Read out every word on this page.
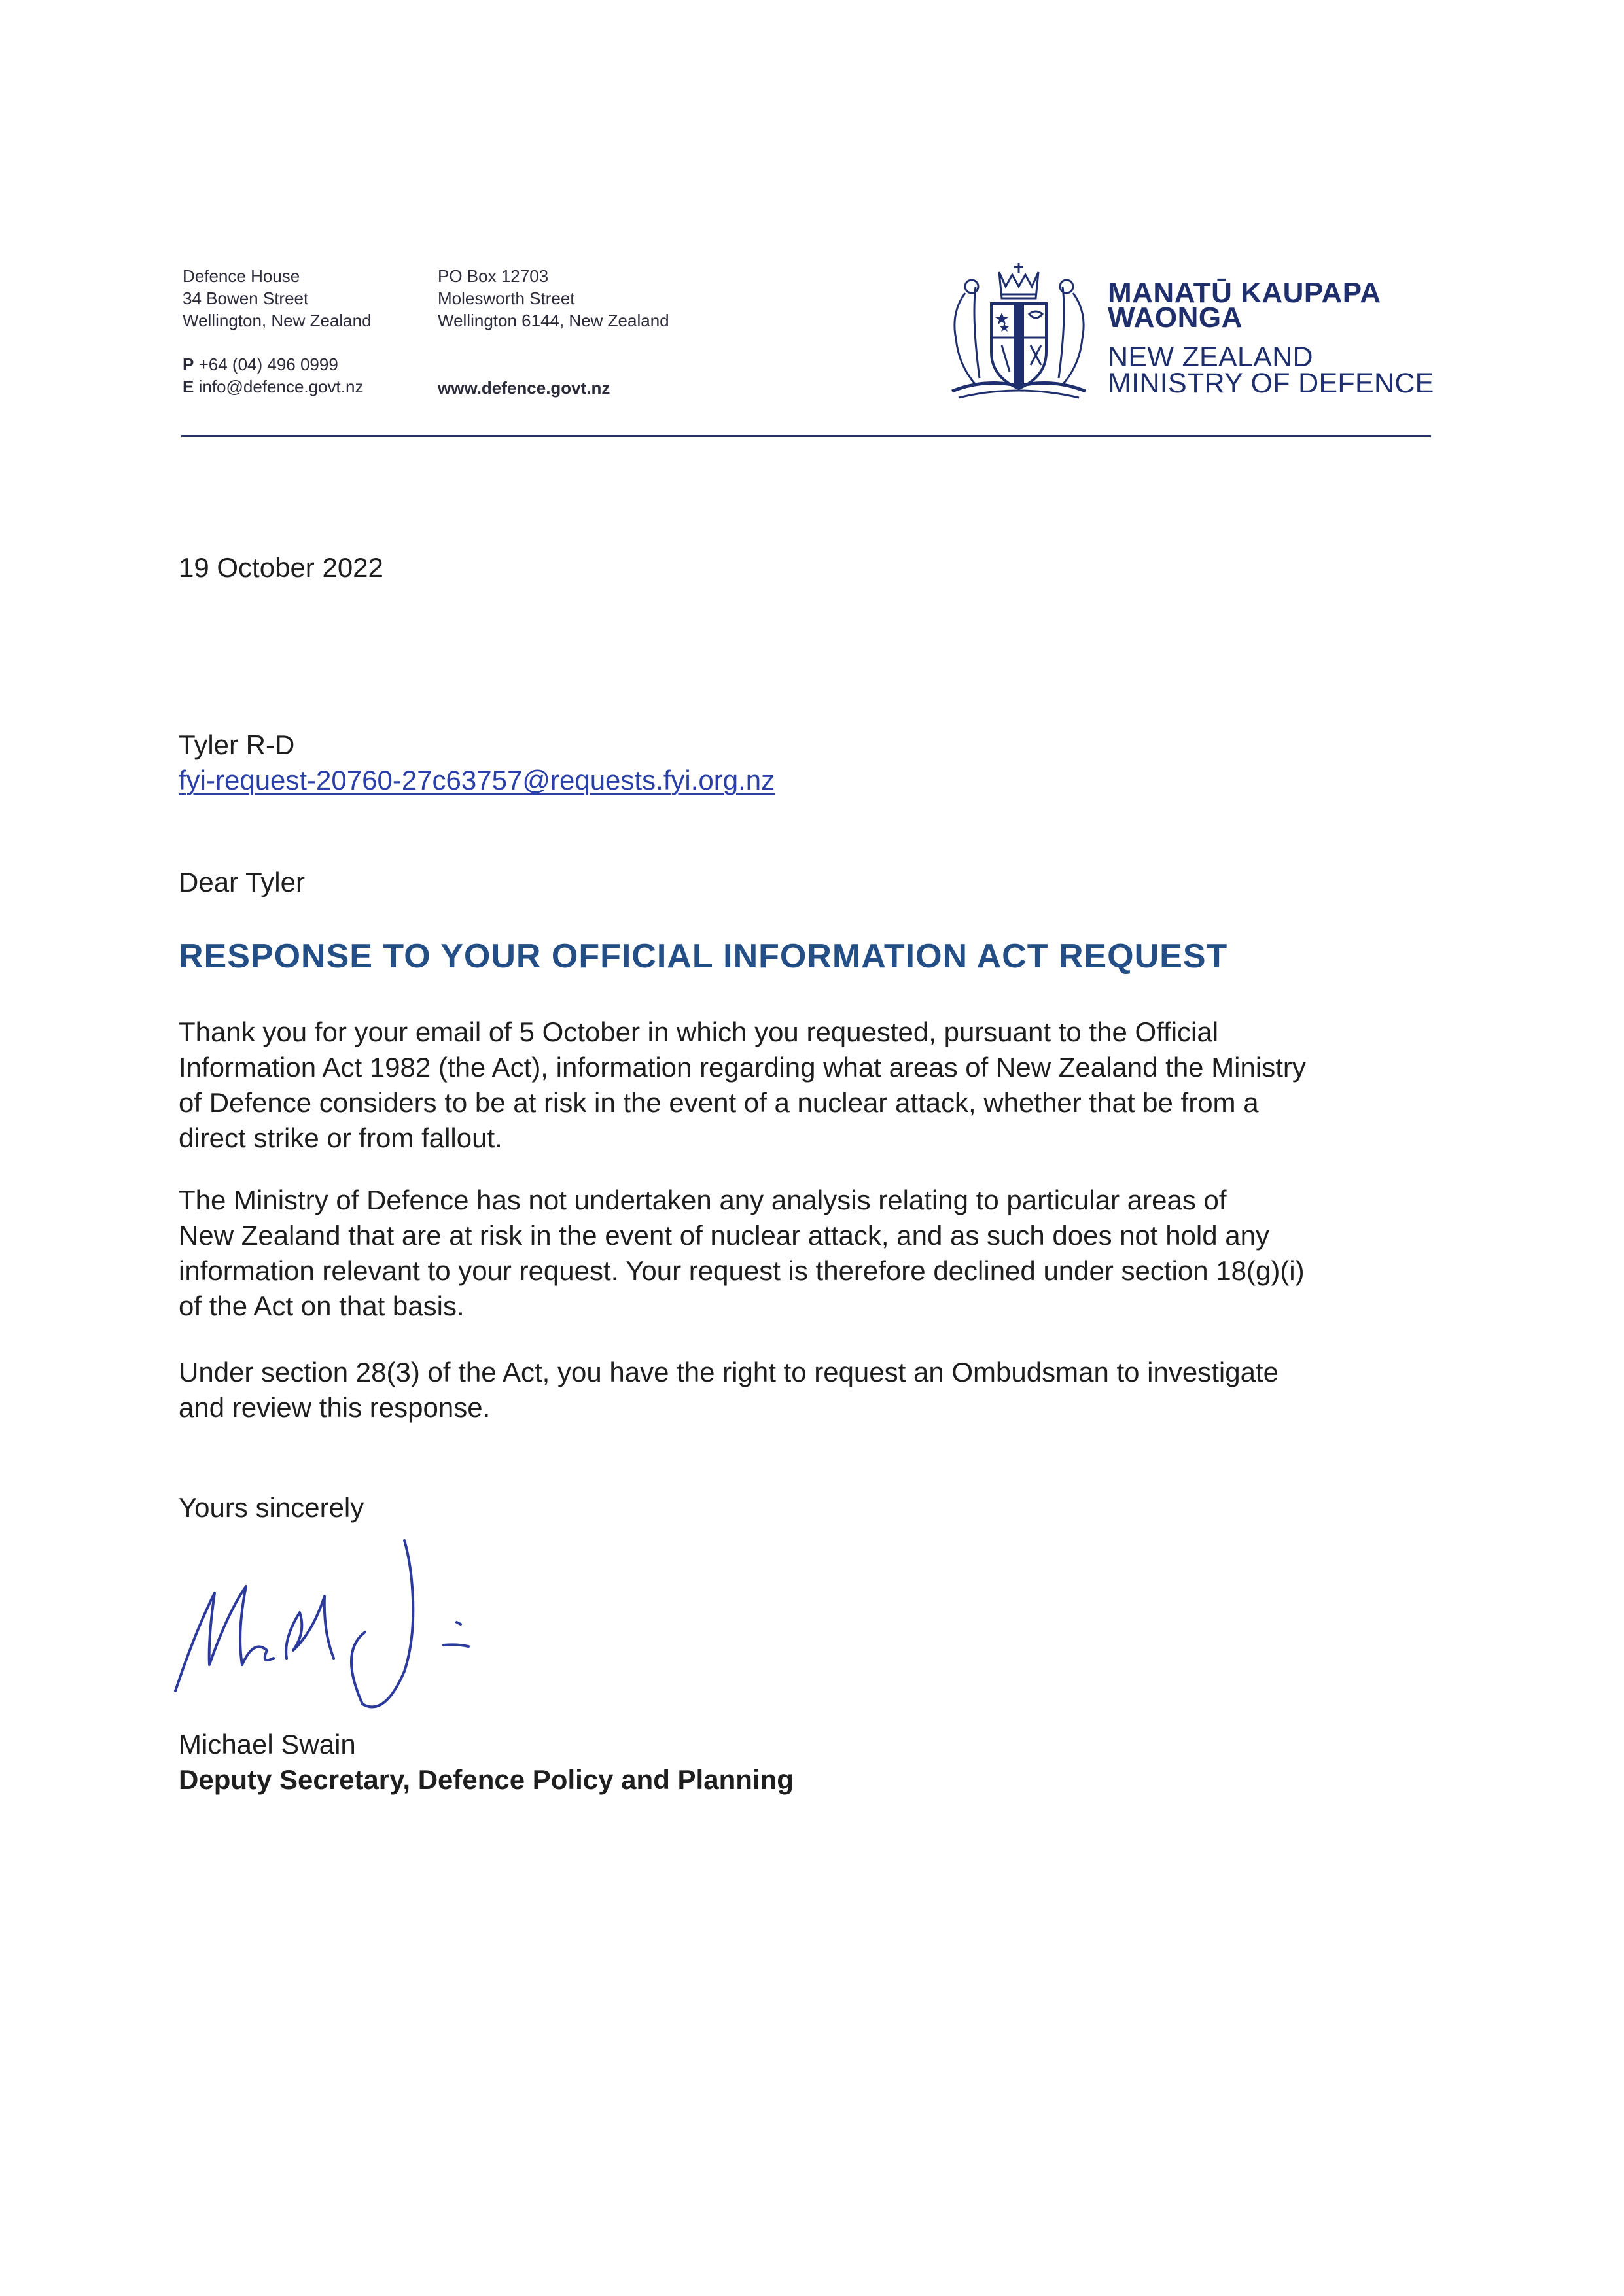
Defence House
34 Bowen Street
Wellington, New Zealand
P +64 (04) 496 0999
E info@defence.govt.nz
PO Box 12703
Molesworth Street
Wellington 6144, New Zealand
www.defence.govt.nz
MANATŪ KAUPAPA
WAONGA
NEW ZEALAND
MINISTRY OF DEFENCE
19 October 2022
Tyler R-D
fyi-request-20760-27c63757@requests.fyi.org.nz
Dear Tyler
RESPONSE TO YOUR OFFICIAL INFORMATION ACT REQUEST
Thank you for your email of 5 October in which you requested, pursuant to the Official
Information Act 1982 (the Act), information regarding what areas of New Zealand the Ministry
of Defence considers to be at risk in the event of a nuclear attack, whether that be from a
direct strike or from fallout.
The Ministry of Defence has not undertaken any analysis relating to particular areas of
New Zealand that are at risk in the event of nuclear attack, and as such does not hold any
information relevant to your request. Your request is therefore declined under section 18(g)(i)
of the Act on that basis.
Under section 28(3) of the Act, you have the right to request an Ombudsman to investigate
and review this response.
Yours sincerely
Michael Swain
Deputy Secretary, Defence Policy and Planning
